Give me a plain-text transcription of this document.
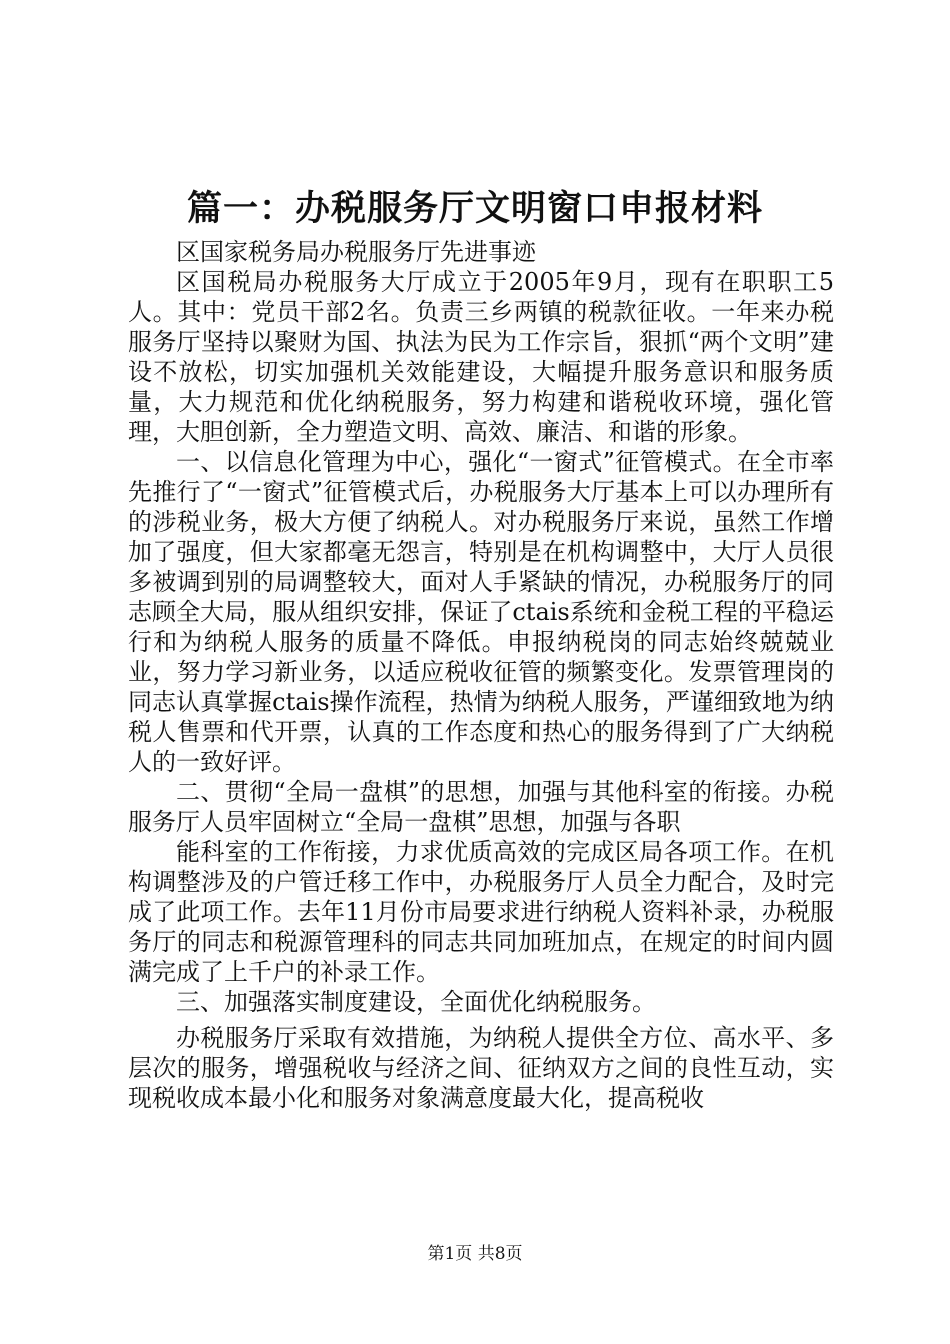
篇一：办税服务厅文明窗口申报材料

区国家税务局办税服务厅先进事迹

区国税局办税服务大厅成立于2005年9月，现有在职职工5人。其中：党员干部2名。负责三乡两镇的税款征收。一年来办税服务厅坚持以聚财为国、执法为民为工作宗旨，狠抓“两个文明”建设不放松，切实加强机关效能建设，大幅提升服务意识和服务质量，大力规范和优化纳税服务，努力构建和谐税收环境，强化管理，大胆创新，全力塑造文明、高效、廉洁、和谐的形象。

一、以信息化管理为中心，强化“一窗式”征管模式。在全市率先推行了“一窗式”征管模式后，办税服务大厅基本上可以办理所有的涉税业务，极大方便了纳税人。对办税服务厅来说，虽然工作增加了强度，但大家都毫无怨言，特别是在机构调整中，大厅人员很多被调到别的局调整较大，面对人手紧缺的情况，办税服务厅的同志顾全大局，服从组织安排，保证了ctais系统和金税工程的平稳运行和为纳税人服务的质量不降低。申报纳税岗的同志始终兢兢业业，努力学习新业务，以适应税收征管的频繁变化。发票管理岗的同志认真掌握ctais操作流程，热情为纳税人服务，严谨细致地为纳税人售票和代开票，认真的工作态度和热心的服务得到了广大纳税人的一致好评。

二、贯彻“全局一盘棋”的思想，加强与其他科室的衔接。办税服务厅人员牢固树立“全局一盘棋”思想，加强与各职

能科室的工作衔接，力求优质高效的完成区局各项工作。在机构调整涉及的户管迁移工作中，办税服务厅人员全力配合，及时完成了此项工作。去年11月份市局要求进行纳税人资料补录，办税服务厅的同志和税源管理科的同志共同加班加点，在规定的时间内圆满完成了上千户的补录工作。

三、加强落实制度建设，全面优化纳税服务。

办税服务厅采取有效措施，为纳税人提供全方位、高水平、多层次的服务，增强税收与经济之间、征纳双方之间的良性互动，实现税收成本最小化和服务对象满意度最大化，提高税收

第1页 共8页
